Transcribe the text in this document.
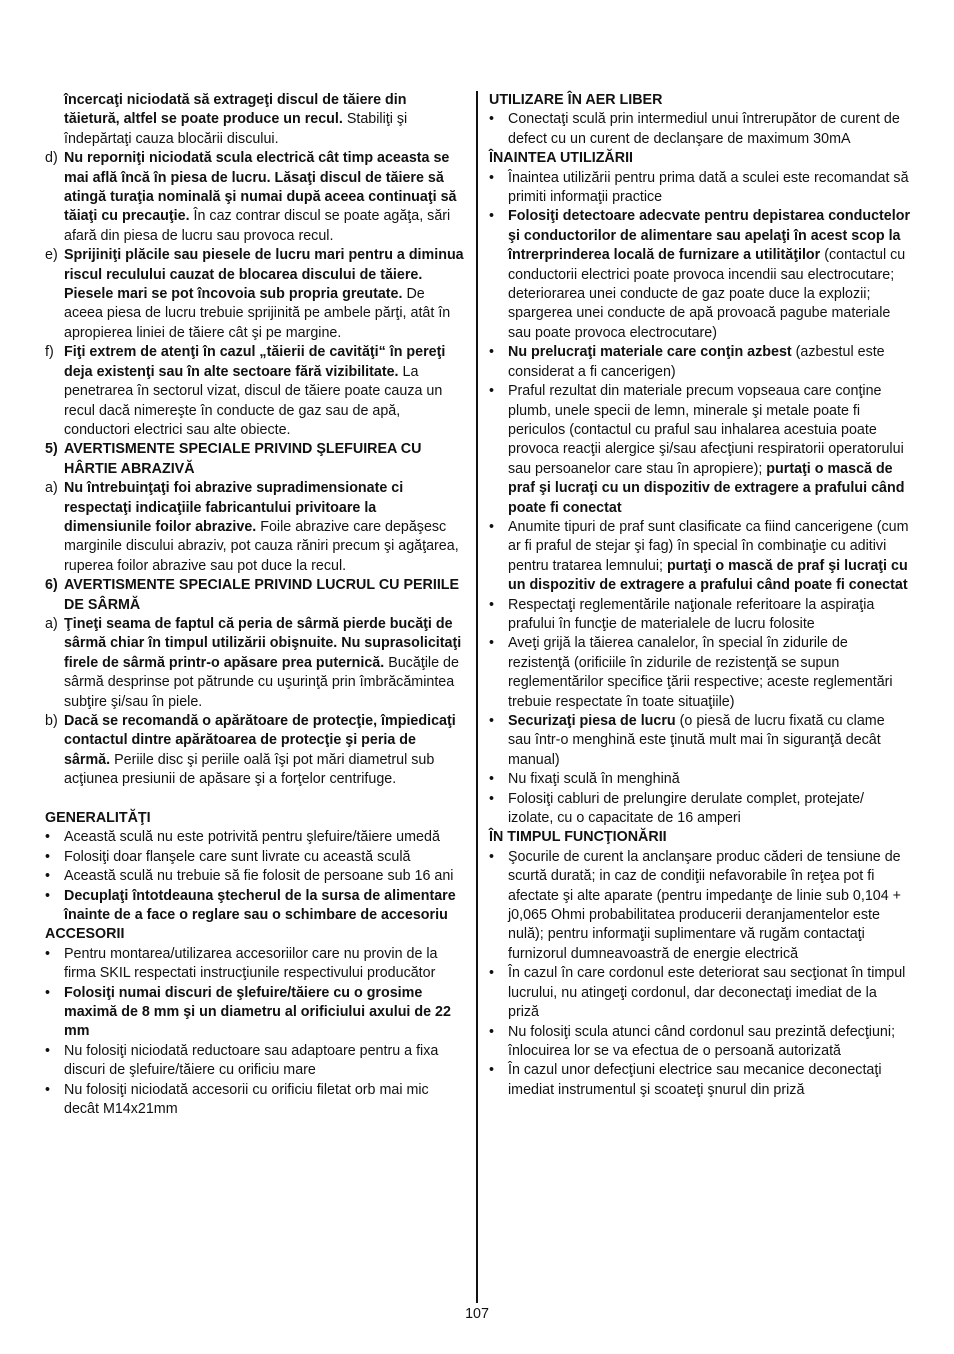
încercaţi niciodată să extrageţi discul de tăiere din tăietură, altfel se poate produce un recul. Stabiliţi şi îndepărtaţi cauza blocării discului.
d) Nu reporniţi niciodată scula electrică cât timp aceasta se mai află încă în piesa de lucru. Lăsaţi discul de tăiere să atingă turaţia nominală şi numai după aceea continuaţi să tăiaţi cu precauţie. În caz contrar discul se poate agăţa, sări afară din piesa de lucru sau provoca recul.
e) Sprijiniţi plăcile sau piesele de lucru mari pentru a diminua riscul reculului cauzat de blocarea discului de tăiere. Piesele mari se pot încovoia sub propria greutate. De aceea piesa de lucru trebuie sprijinită pe ambele părţi, atât în apropierea liniei de tăiere cât şi pe margine.
f) Fiţi extrem de atenţi în cazul „tăierii de cavităţi“ în pereţi deja existenţi sau în alte sectoare fără vizibilitate. La penetrarea în sectorul vizat, discul de tăiere poate cauza un recul dacă nimereşte în conducte de gaz sau de apă, conductori electrici sau alte obiecte.
5) AVERTISMENTE SPECIALE PRIVIND ŞLEFUIREA CU HÂRTIE ABRAZIVĂ
a) Nu întrebuinţaţi foi abrazive supradimensionate ci respectaţi indicaţiile fabricantului privitoare la dimensiunile foilor abrazive. Foile abrazive care depăşesc marginile discului abraziv, pot cauza răniri precum şi agăţarea, ruperea foilor abrazive sau pot duce la recul.
6) AVERTISMENTE SPECIALE PRIVIND LUCRUL CU PERIILE DE SÂRMĂ
a) Ţineţi seama de faptul că peria de sârmă pierde bucăţi de sârmă chiar în timpul utilizării obişnuite. Nu suprasolicitaţi firele de sârmă printr-o apăsare prea puternică. Bucăţile de sârmă desprinse pot pătrunde cu uşurinţă prin îmbrăcămintea subţire şi/sau în piele.
b) Dacă se recomandă o apărătoare de protecţie, împiedicaţi contactul dintre apărătoarea de protecţie şi peria de sârmă. Periile disc şi periile oală îşi pot mări diametrul sub acţiunea presiunii de apăsare şi a forţelor centrifuge.
GENERALITĂŢI
• Această sculă nu este potrivită pentru şlefuire/tăiere umedă
• Folosiţi doar flanşele care sunt livrate cu această sculă
• Această sculă nu trebuie să fie folosit de persoane sub 16 ani
• Decuplaţi întotdeauna ştecherul de la sursa de alimentare înainte de a face o reglare sau o schimbare de accesoriu
ACCESORII
• Pentru montarea/utilizarea accesoriilor care nu provin de la firma SKIL respectati instrucţiunile respectivului producător
• Folosiţi numai discuri de şlefuire/tăiere cu o grosime maximă de 8 mm şi un diametru al orificiului axului de 22 mm
• Nu folosiţi niciodată reductoare sau adaptoare pentru a fixa discuri de şlefuire/tăiere cu orificiu mare
• Nu folosiţi niciodată accesorii cu orificiu filetat orb mai mic decât M14x21mm
UTILIZARE ÎN AER LIBER
• Conectaţi sculă prin intermediul unui întrerupător de curent de defect cu un curent de declanşare de maximum 30mA
ÎNAINTEA UTILIZĂRII
• Înaintea utilizării pentru prima dată a sculei este recomandat să primiti informaţii practice
• Folosiţi detectoare adecvate pentru depistarea conductelor şi conductorilor de alimentare sau apelaţi în acest scop la întrerprinderea locală de furnizare a utilităţilor (contactul cu conductorii electrici poate provoca incendii sau electrocutare; deteriorarea unei conducte de gaz poate duce la explozii; spargerea unei conducte de apă provoacă pagube materiale sau poate provoca electrocutare)
• Nu prelucraţi materiale care conţin azbest (azbestul este considerat a fi cancerigen)
• Praful rezultat din materiale precum vopseaua care conţine plumb, unele specii de lemn, minerale şi metale poate fi periculos (contactul cu praful sau inhalarea acestuia poate provoca reacţii alergice şi/sau afecţiuni respiratorii operatorului sau persoanelor care stau în apropiere); purtaţi o mască de praf şi lucraţi cu un dispozitiv de extragere a prafului când poate fi conectat
• Anumite tipuri de praf sunt clasificate ca fiind cancerigene (cum ar fi praful de stejar şi fag) în special în combinaţie cu aditivi pentru tratarea lemnului; purtaţi o mască de praf şi lucraţi cu un dispozitiv de extragere a prafului când poate fi conectat
• Respectaţi reglementările naţionale referitoare la aspiraţia prafului în funcţie de materialele de lucru folosite
• Aveţi grijă la tăierea canalelor, în special în zidurile de rezistenţă (orificiile în zidurile de rezistenţă se supun reglementărilor specifice ţării respective; aceste reglementări trebuie respectate în toate situaţiile)
• Securizaţi piesa de lucru (o piesă de lucru fixată cu clame sau într-o menghină este ţinută mult mai în siguranţă decât manual)
• Nu fixaţi sculă în menghină
• Folosiţi cabluri de prelungire derulate complet, protejate/ izolate, cu o capacitate de 16 amperi
ÎN TIMPUL FUNCŢIONĂRII
• Şocurile de curent la anclanşare produc căderi de tensiune de scurtă durată; in caz de condiţii nefavorabile în reţea pot fi afectate şi alte aparate (pentru impedanţe de linie sub 0,104 + j0,065 Ohmi probabilitatea producerii deranjamentelor este nulă); pentru informaţii suplimentare vă rugăm contactaţi furnizorul dumneavoastră de energie electrică
• În cazul în care cordonul este deteriorat sau secţionat în timpul lucrului, nu atingeţi cordonul, dar deconectaţi imediat de la priză
• Nu folosiţi scula atunci când cordonul sau prezintă defecţiuni; înlocuirea lor se va efectua de o persoană autorizată
• În cazul unor defecţiuni electrice sau mecanice deconectaţi imediat instrumentul şi scoateţi şnurul din priză
107
